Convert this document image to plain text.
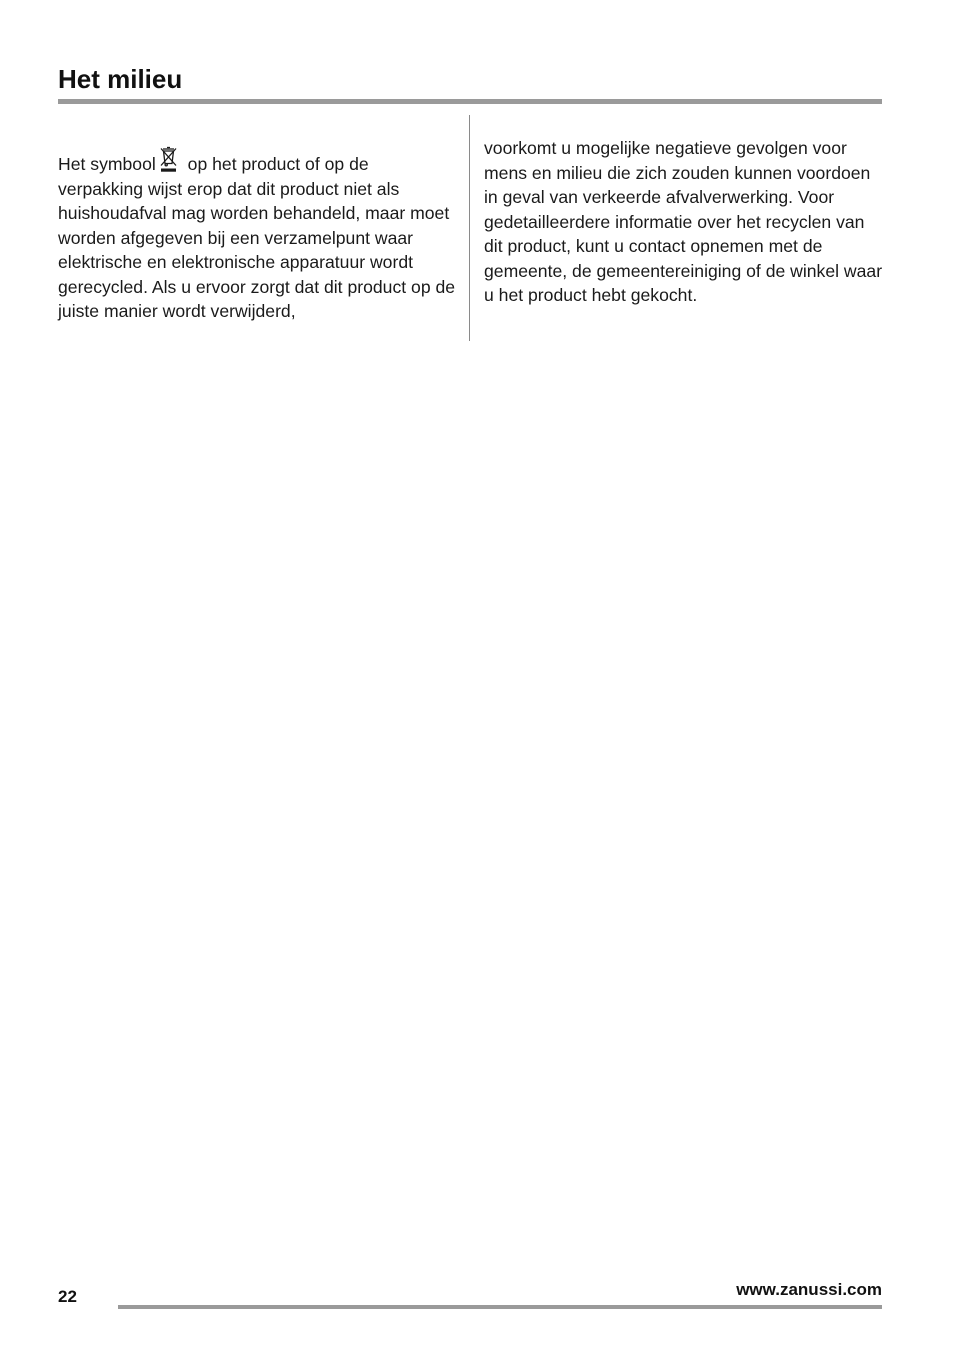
Het milieu

Het symbool op het product of op de verpakking wijst erop dat dit product niet als huishoudafval mag worden behandeld, maar moet worden afgegeven bij een verzamelpunt waar elektrische en elektronische apparatuur wordt gerecycled. Als u ervoor zorgt dat dit product op de juiste manier wordt verwijderd,

voorkomt u mogelijke negatieve gevolgen voor mens en milieu die zich zouden kunnen voordoen in geval van verkeerde afvalverwerking. Voor gedetailleerdere informatie over het recyclen van dit product, kunt u contact opnemen met de gemeente, de gemeentereiniging of de winkel waar u het product hebt gekocht.

22	www.zanussi.com
